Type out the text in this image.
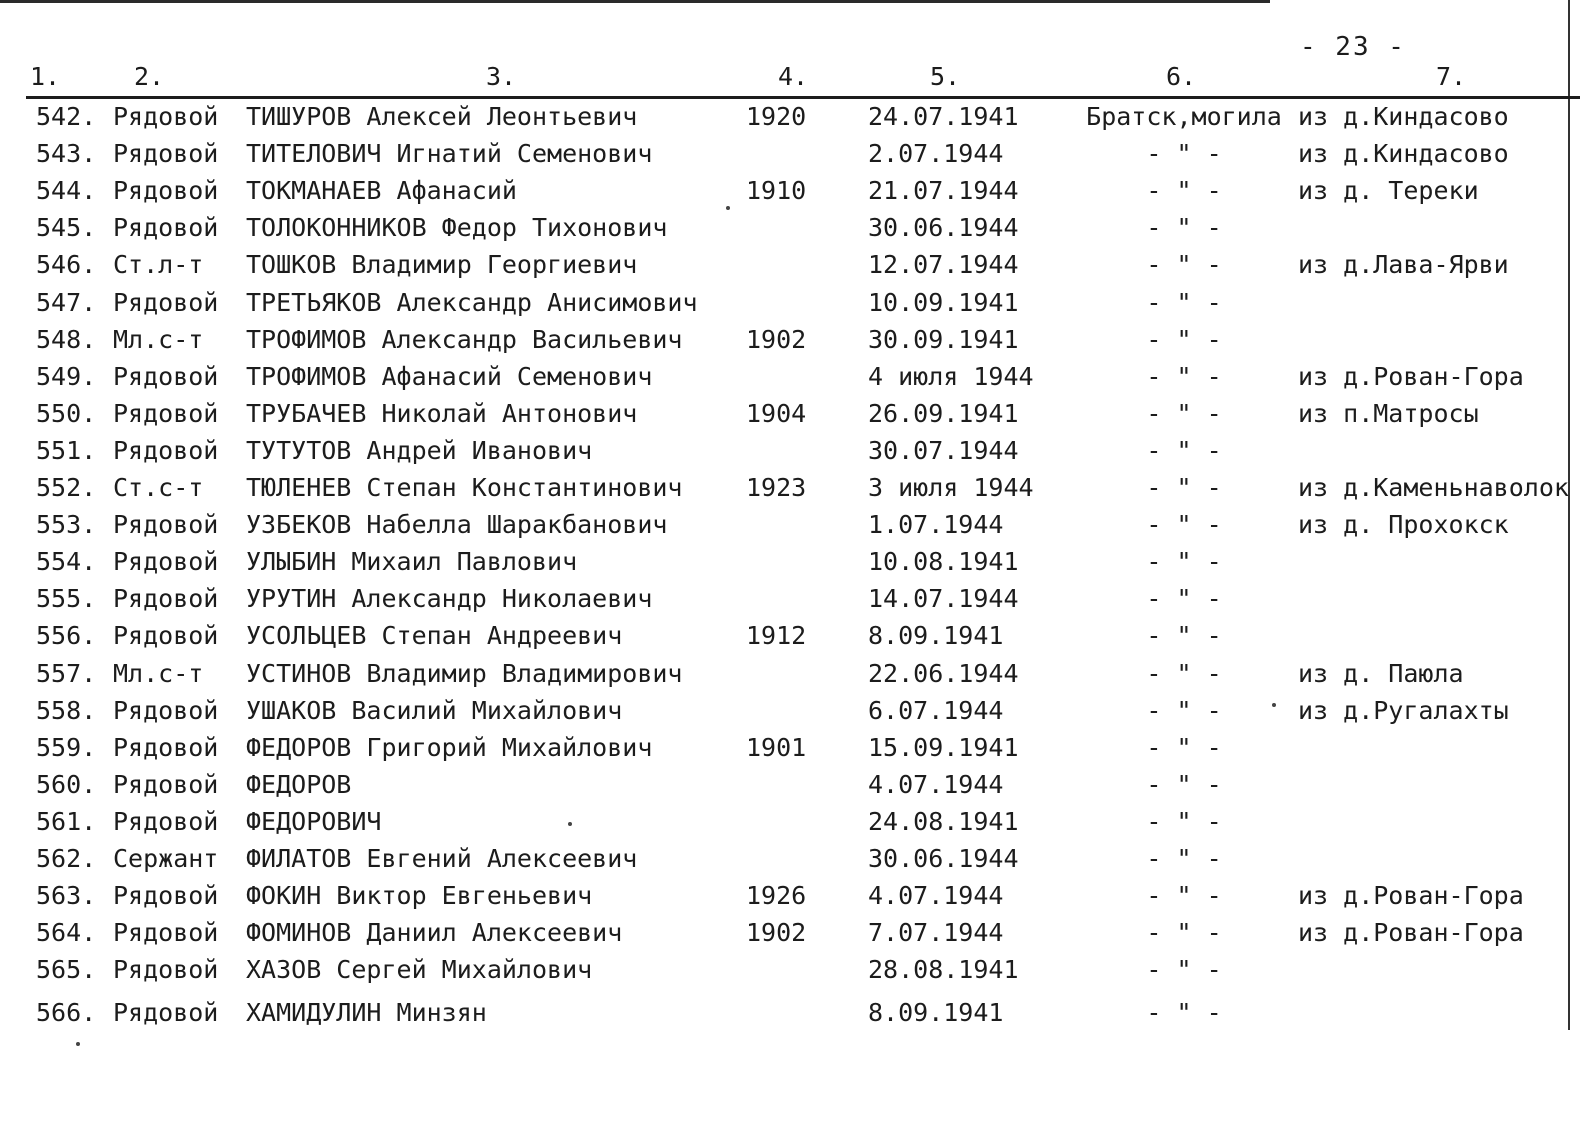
- 23 -
1.	2.	3.	4.	5.	6.	7.
542. Рядовой ТИШУРОВ Алексей Леонтьевич	1920 24.07.1941	Братск,могила из д.Киндасово
543. Рядовой ТИТЕЛОВИЧ Игнатий Семенович	2.07.1944	- " -	из д.Киндасово
544. Рядовой ТОКМАНАЕВ Афанасий	1910 21.07.1944	- " -	из д. Тереки
545. Рядовой ТОЛОКОННИКОВ Федор Тихонович	30.06.1944	- " -
546. Ст.л-т ТОШКОВ Владимир Георгиевич	12.07.1944	- " -	из д.Лава-Ярви
547. Рядовой ТРЕТЬЯКОВ Александр Анисимович	10.09.1941	- " -
548. Мл.с-т ТРОФИМОВ Александр Васильевич	1902 30.09.1941	- " -
549. Рядовой ТРОФИМОВ Афанасий Семенович	4 июля 1944	- " -	из д.Рован-Гора
550. Рядовой ТРУБАЧЕВ Николай Антонович	1904 26.09.1941	- " -	из п.Матросы
551. Рядовой ТУТУТОВ Андрей Иванович	30.07.1944	- " -
552. Ст.с-т ТЮЛЕНЕВ Степан Константинович	1923 3 июля 1944	- " -	из д.Каменьнаволок
553. Рядовой УЗБЕКОВ Набелла Шаракбанович	1.07.1944	- " -	из д. Прохокск
554. Рядовой УЛЫБИН Михаил Павлович	10.08.1941	- " -
555. Рядовой УРУТИН Александр Николаевич	14.07.1944	- " -
556. Рядовой УСОЛЬЦЕВ Степан Андреевич	1912 8.09.1941	- " -
557. Мл.с-т УСТИНОВ Владимир Владимирович	22.06.1944	- " -	из д. Паюла
558. Рядовой УШАКОВ Василий Михайлович	6.07.1944	- " -	из д.Ругалахты
559. Рядовой ФЕДОРОВ Григорий Михайлович	1901 15.09.1941	- " -
560. Рядовой ФЕДОРОВ	4.07.1944	- " -
561. Рядовой ФЕДОРОВИЧ	24.08.1941	- " -
562. Сержант ФИЛАТОВ Евгений Алексеевич	30.06.1944	- " -
563. Рядовой ФОКИН Виктор Евгеньевич	1926 4.07.1944	- " -	из д.Рован-Гора
564. Рядовой ФОМИНОВ Даниил Алексеевич	1902 7.07.1944	- " -	из д.Рован-Гора
565. Рядовой ХАЗОВ Сергей Михайлович	28.08.1941	- " -
566. Рядовой ХАМИДУЛИН Минзян	8.09.1941	- " -
